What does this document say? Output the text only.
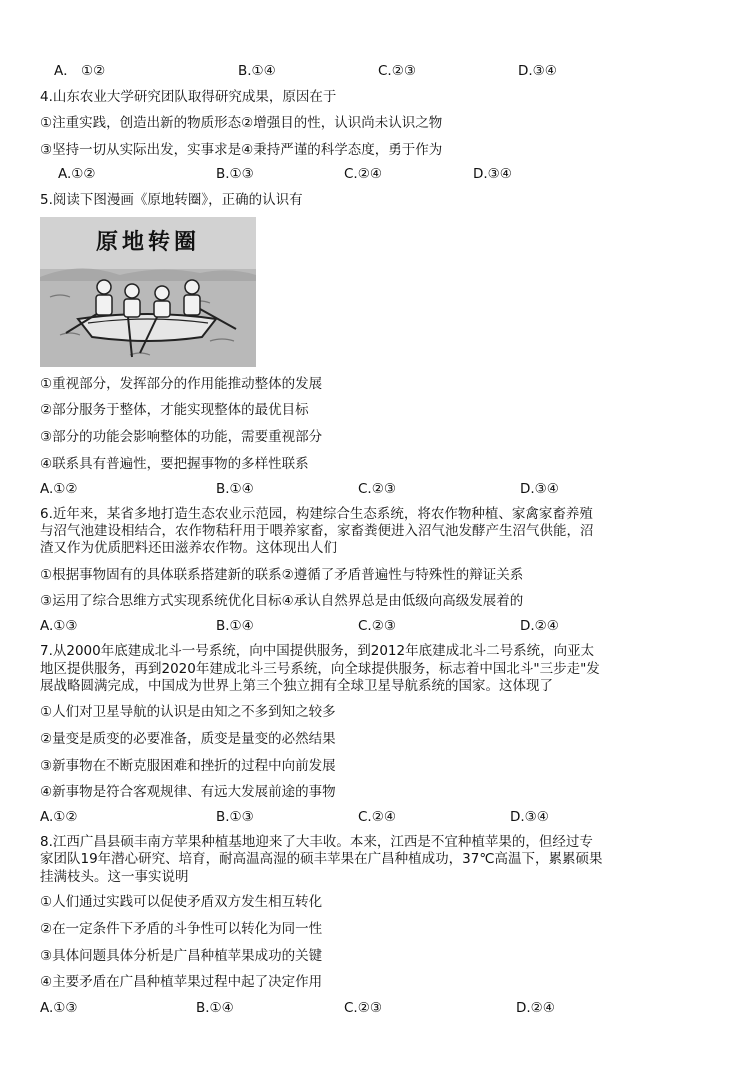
A． ①②	B.①④	C.②③	D.③④
4.山东农业大学研究团队取得研究成果，原因在于
①注重实践，创造出新的物质形态②增强目的性，认识尚未认识之物
③坚持一切从实际出发，实事求是④秉持严谨的科学态度，勇于作为
A.①②	B.①③	C.②④	D.③④
5.阅读下图漫画《原地转圈》，正确的认识有
原地转圈
①重视部分，发挥部分的作用能推动整体的发展
②部分服务于整体，才能实现整体的最优目标
③部分的功能会影响整体的功能，需要重视部分
④联系具有普遍性，要把握事物的多样性联系
A.①②	B.①④	C.②③	D.③④
6.近年来，某省多地打造生态农业示范园，构建综合生态系统，将农作物种植、家禽家畜养殖
与沼气池建设相结合，农作物秸秆用于喂养家畜，家畜粪便进入沼气池发酵产生沼气供能，沼
渣又作为优质肥料还田滋养农作物。这体现出人们
①根据事物固有的具体联系搭建新的联系②遵循了矛盾普遍性与特殊性的辩证关系
③运用了综合思维方式实现系统优化目标④承认自然界总是由低级向高级发展着的
A.①③	B.①④	C.②③	D.②④
7.从2000年底建成北斗一号系统，向中国提供服务，到2012年底建成北斗二号系统，向亚太
地区提供服务，再到2020年建成北斗三号系统，向全球提供服务，标志着中国北斗"三步走"发
展战略圆满完成，中国成为世界上第三个独立拥有全球卫星导航系统的国家。这体现了
①人们对卫星导航的认识是由知之不多到知之较多
②量变是质变的必要准备，质变是量变的必然结果
③新事物在不断克服困难和挫折的过程中向前发展
④新事物是符合客观规律、有远大发展前途的事物
A.①②	B.①③	C.②④	D.③④
8.江西广昌县硕丰南方苹果种植基地迎来了大丰收。本来，江西是不宜种植苹果的，但经过专
家团队19年潜心研究、培育，耐高温高湿的硕丰苹果在广昌种植成功，37℃高温下，累累硕果
挂满枝头。这一事实说明
①人们通过实践可以促使矛盾双方发生相互转化
②在一定条件下矛盾的斗争性可以转化为同一性
③具体问题具体分析是广昌种植苹果成功的关键
④主要矛盾在广昌种植苹果过程中起了决定作用
A.①③	B.①④	C.②③	D.②④
